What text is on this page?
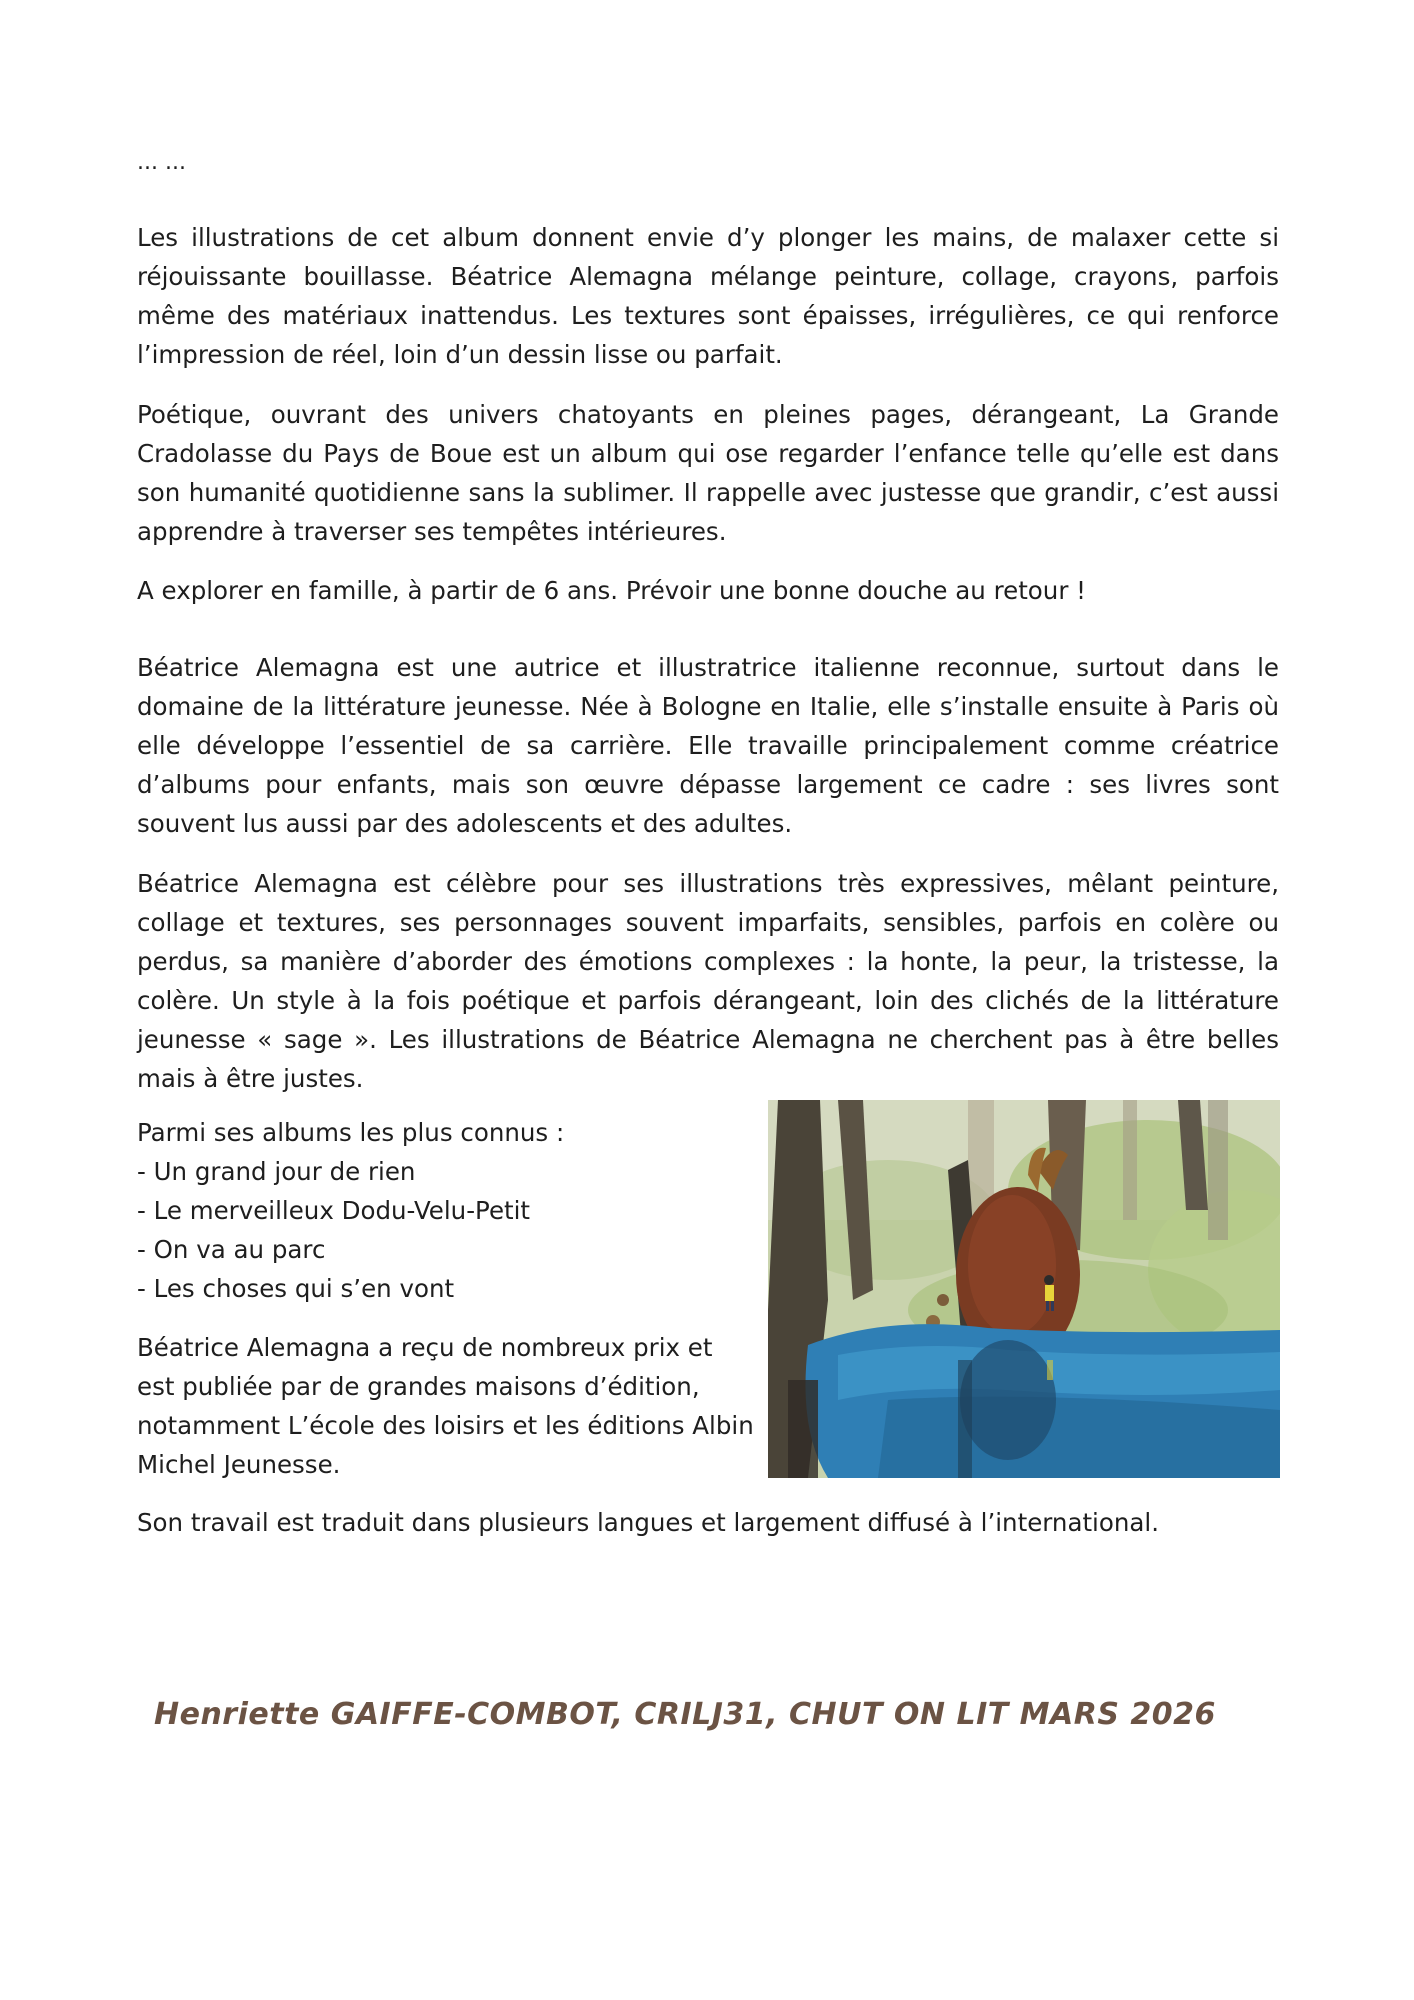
... ...

Les illustrations de cet album donnent envie d’y plonger les mains, de malaxer cette si réjouissante bouillasse. Béatrice Alemagna mélange peinture, collage, crayons, parfois même des matériaux inattendus. Les textures sont épaisses, irrégulières, ce qui renforce l’impression de réel, loin d’un dessin lisse ou parfait.

Poétique, ouvrant des univers chatoyants en pleines pages, dérangeant, La Grande Cradolasse du Pays de Boue est un album qui ose regarder l’enfance telle qu’elle est dans son humanité quotidienne sans la sublimer. Il rappelle avec justesse que grandir, c’est aussi apprendre à traverser ses tempêtes intérieures.

A explorer en famille, à partir de 6 ans. Prévoir une bonne douche au retour !

Béatrice Alemagna est une autrice et illustratrice italienne reconnue, surtout dans le domaine de la littérature jeunesse. Née à Bologne en Italie, elle s’installe ensuite à Paris où elle développe l’essentiel de sa carrière. Elle travaille principalement comme créatrice d’albums pour enfants, mais son œuvre dépasse largement ce cadre : ses livres sont souvent lus aussi par des adolescents et des adultes.

Béatrice Alemagna est célèbre pour ses illustrations très expressives, mêlant peinture, collage et textures, ses personnages souvent imparfaits, sensibles, parfois en colère ou perdus, sa manière d’aborder des émotions complexes : la honte, la peur, la tristesse, la colère. Un style à la fois poétique et parfois dérangeant, loin des clichés de la littérature jeunesse « sage ». Les illustrations de Béatrice Alemagna ne cherchent pas à être belles mais à être justes.

Parmi ses albums les plus connus :
- Un grand jour de rien
- Le merveilleux Dodu-Velu-Petit
- On va au parc
- Les choses qui s’en vont

Béatrice Alemagna a reçu de nombreux prix et est publiée par de grandes maisons d’édition, notamment L’école des loisirs et les éditions Albin Michel Jeunesse.

Son travail est traduit dans plusieurs langues et largement diffusé à l’international.

Henriette GAIFFE-COMBOT, CRILJ31, CHUT ON LIT MARS 2026
